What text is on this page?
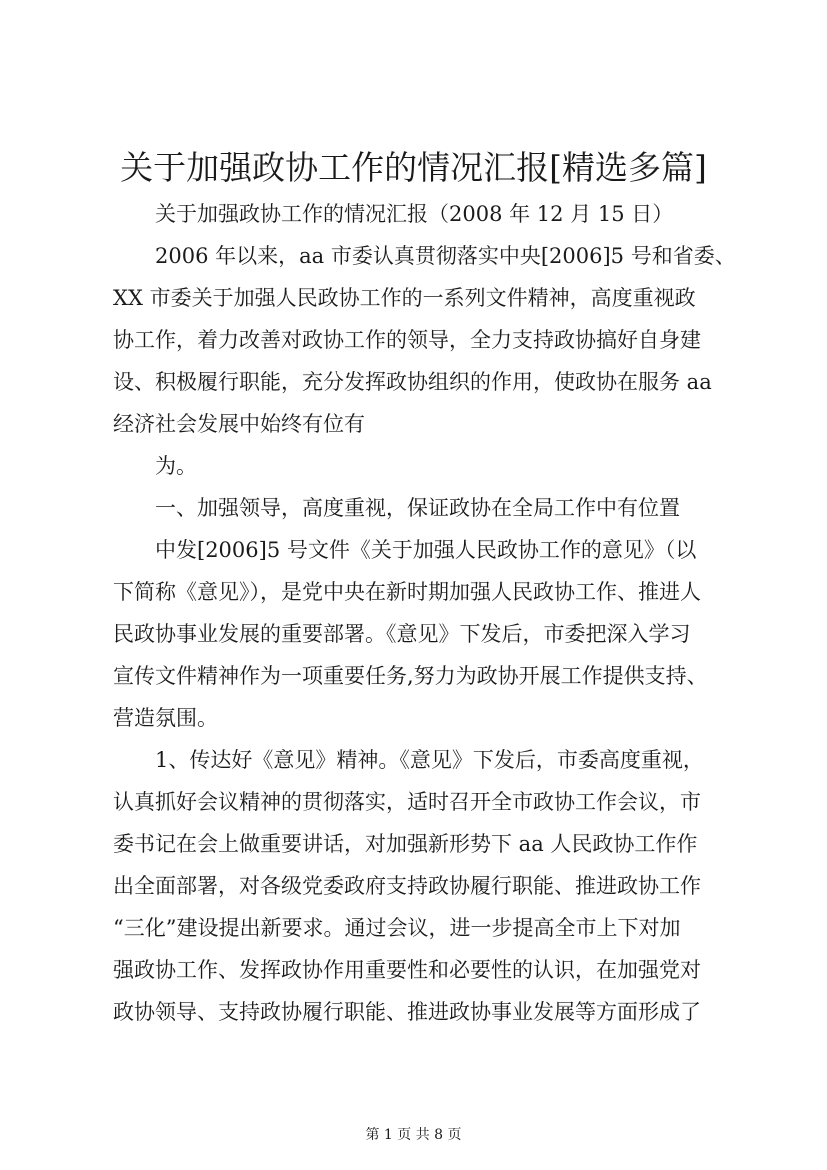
关于加强政协工作的情况汇报[精选多篇]
关于加强政协工作的情况汇报（2008 年 12 月 15 日）
2006 年以来，aa 市委认真贯彻落实中央[2006]5 号和省委、
XX 市委关于加强人民政协工作的一系列文件精神，高度重视政
协工作，着力改善对政协工作的领导，全力支持政协搞好自身建
设、积极履行职能，充分发挥政协组织的作用，使政协在服务 aa
经济社会发展中始终有位有
为。
一、加强领导，高度重视，保证政协在全局工作中有位置
中发[2006]5 号文件《关于加强人民政协工作的意见》（以
下简称《意见》），是党中央在新时期加强人民政协工作、推进人
民政协事业发展的重要部署。《意见》下发后，市委把深入学习
宣传文件精神作为一项重要任务,努力为政协开展工作提供支持、
营造氛围。
1、传达好《意见》精神。《意见》下发后，市委高度重视，
认真抓好会议精神的贯彻落实，适时召开全市政协工作会议，市
委书记在会上做重要讲话，对加强新形势下 aa 人民政协工作作
出全面部署，对各级党委政府支持政协履行职能、推进政协工作
“三化”建设提出新要求。通过会议，进一步提高全市上下对加
强政协工作、发挥政协作用重要性和必要性的认识，在加强党对
政协领导、支持政协履行职能、推进政协事业发展等方面形成了
第 1 页 共 8 页
